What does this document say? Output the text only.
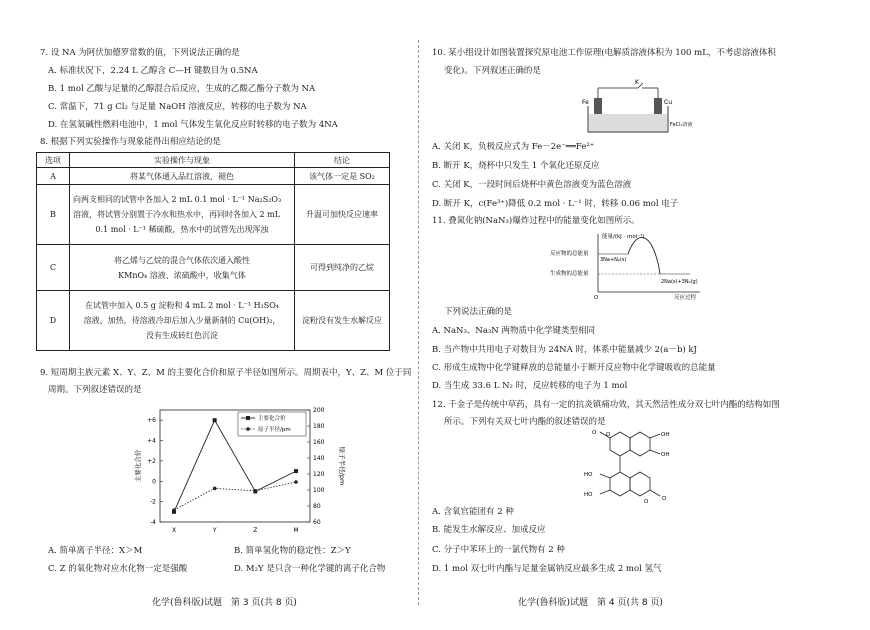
7. 设 NA 为阿伏加德罗常数的值，下列说法正确的是
A. 标准状况下，2.24 L 乙醇含 C—H 键数目为 0.5NA
B. 1 mol 乙酸与足量的乙醇混合后反应，生成的乙酸乙酯分子数为 NA
C. 常温下，71 g Cl₂ 与足量 NaOH 溶液反应，转移的电子数为 NA
D. 在氢氧碱性燃料电池中，1 mol 气体发生氧化反应时转移的电子数为 4NA
8. 根据下列实验操作与现象能得出相应结论的是
选项	实验操作与现象	结论
A	将某气体通入品红溶液，褪色	该气体一定是 SO₂
B	向两支相同的试管中各加入 2 mL 0.1 mol · L⁻¹ Na₂S₂O₃
溶液，将试管分别置于冷水和热水中，再同时各加入 2 mL
0.1 mol · L⁻¹ 稀硫酸，热水中的试管先出现浑浊	升温可加快反应速率
C	将乙烯与乙烷的混合气体依次通入酸性
KMnO₄ 溶液、浓硫酸中，收集气体	可得到纯净的乙烷
D	在试管中加入 0.5 g 淀粉和 4 mL 2 mol · L⁻¹ H₂SO₄
溶液，加热，待溶液冷却后加入少量新制的 Cu(OH)₂，
没有生成砖红色沉淀	淀粉没有发生水解反应
9. 短周期主族元素 X、Y、Z、M 的主要化合价和原子半径如图所示。周期表中，Y、Z、M 位于同
周期。下列叙述错误的是
+6
+4
+2
0
-2
-4
200
180
160
140
120
100
80
60
X	Y	Z	M
主要化合价	原子半径/pm
主要化合价
原子半径/pm
A. 简单离子半径：X＞M	B. 简单氢化物的稳定性：Z＞Y
C. Z 的氧化物对应水化物一定是强酸	D. M₂Y 是只含一种化学键的离子化合物
化学(鲁科版)试题　第 3 页(共 8 页)
10. 某小组设计如图装置探究原电池工作原理(电解质溶液体积为 100 mL，不考虑溶液体积
变化)。下列叙述正确的是
K
Fe	Cu
FeCl₃溶液
A. 关闭 K，负极反应式为 Fe－2e⁻══Fe²⁺
B. 断开 K，烧杯中只发生 1 个氧化还原反应
C. 关闭 K，一段时间后烧杯中黄色溶液变为蓝色溶液
D. 断开 K，c(Fe³⁺)降低 0.2 mol · L⁻¹ 时，转移 0.06 mol 电子
11. 叠氮化钠(NaN₃)爆炸过程中的能量变化如图所示。
能量/(kJ · mol⁻¹)
反应物的总能量
3Na+N₂(s)
生成物的总能量
2Na(s)+3N₂(g)
O	反应过程
下列说法正确的是
A. NaN₃、Na₃N 两物质中化学键类型相同
B. 当产物中共用电子对数目为 24NA 时，体系中能量减少 2(a－b) kJ
C. 形成生成物中化学键释放的总能量小于断开反应物中化学键吸收的总能量
D. 当生成 33.6 L N₂ 时，反应转移的电子为 1 mol
12. 千金子是传统中草药，具有一定的抗炎镇痛功效，其天然活性成分双七叶内酯的结构如图
所示。下列有关双七叶内酯的叙述错误的是
O O	OH
OH
HO
HO
O O
A. 含氧官能团有 2 种
B. 能发生水解反应、加成反应
C. 分子中苯环上的一氯代物有 2 种
D. 1 mol 双七叶内酯与足量金属钠反应最多生成 2 mol 氢气
化学(鲁科版)试题　第 4 页(共 8 页)
